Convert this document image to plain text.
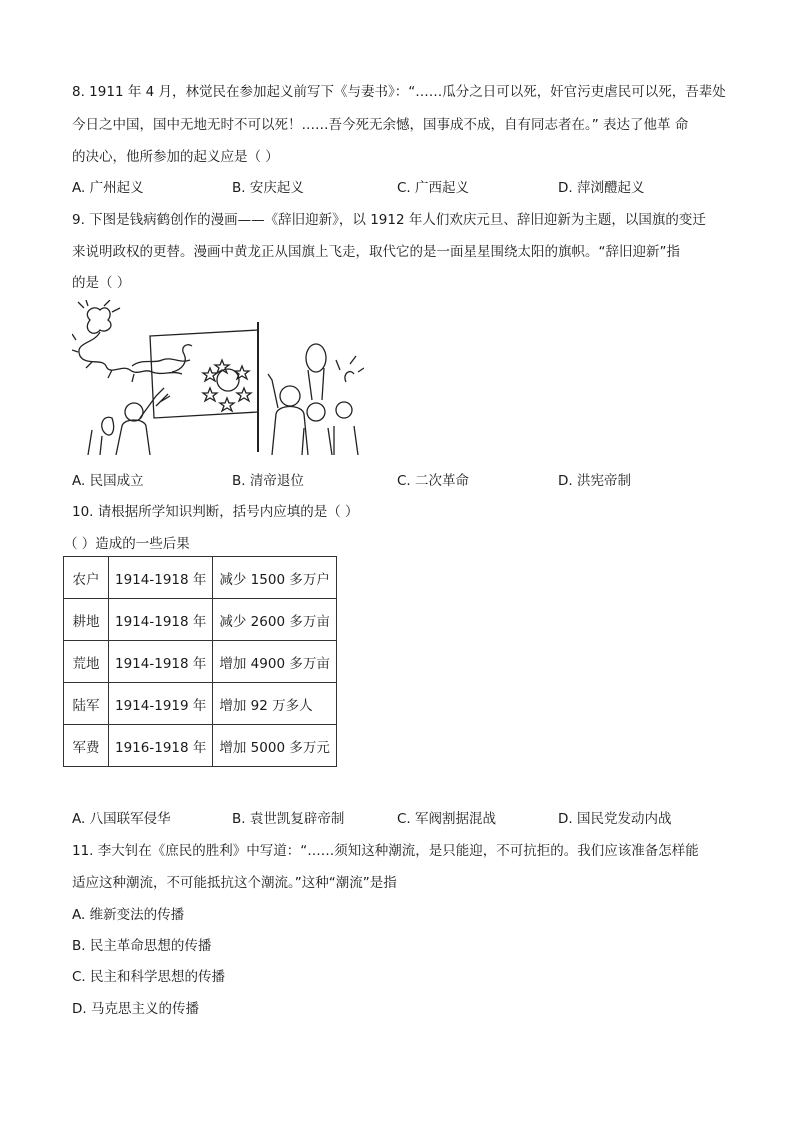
8. 1911 年 4 月，林觉民在参加起义前写下《与妻书》：“……瓜分之日可以死，奸官污吏虐民可以死，吾辈处
今日之中国，国中无地无时不可以死！……吾今死无余憾，国事成不成，自有同志者在。” 表达了他革 命
的决心，他所参加的起义应是（ ）
A. 广州起义	B. 安庆起义	C. 广西起义	D. 萍浏醴起义
9. 下图是钱病鹤创作的漫画——《辞旧迎新》，以 1912 年人们欢庆元旦、辞旧迎新为主题，以国旗的变迁
来说明政权的更替。漫画中黄龙正从国旗上飞走，取代它的是一面星星围绕太阳的旗帜。“辞旧迎新”指
的是（ ）
A. 民国成立	B. 清帝退位	C. 二次革命	D. 洪宪帝制
10. 请根据所学知识判断，括号内应填的是（ ）
（ ）造成的一些后果
农户	1914-1918 年	减少 1500 多万户
耕地	1914-1918 年	减少 2600 多万亩
荒地	1914-1918 年	增加 4900 多万亩
陆军	1914-1919 年	增加 92 万多人
军费	1916-1918 年	增加 5000 多万元
A. 八国联军侵华	B. 袁世凯复辟帝制	C. 军阀割据混战	D. 国民党发动内战
11. 李大钊在《庶民的胜利》中写道：“……须知这种潮流，是只能迎，不可抗拒的。我们应该准备怎样能
适应这种潮流，不可能抵抗这个潮流。”这种“潮流”是指
A. 维新变法的传播
B. 民主革命思想的传播
C. 民主和科学思想的传播
D. 马克思主义的传播
